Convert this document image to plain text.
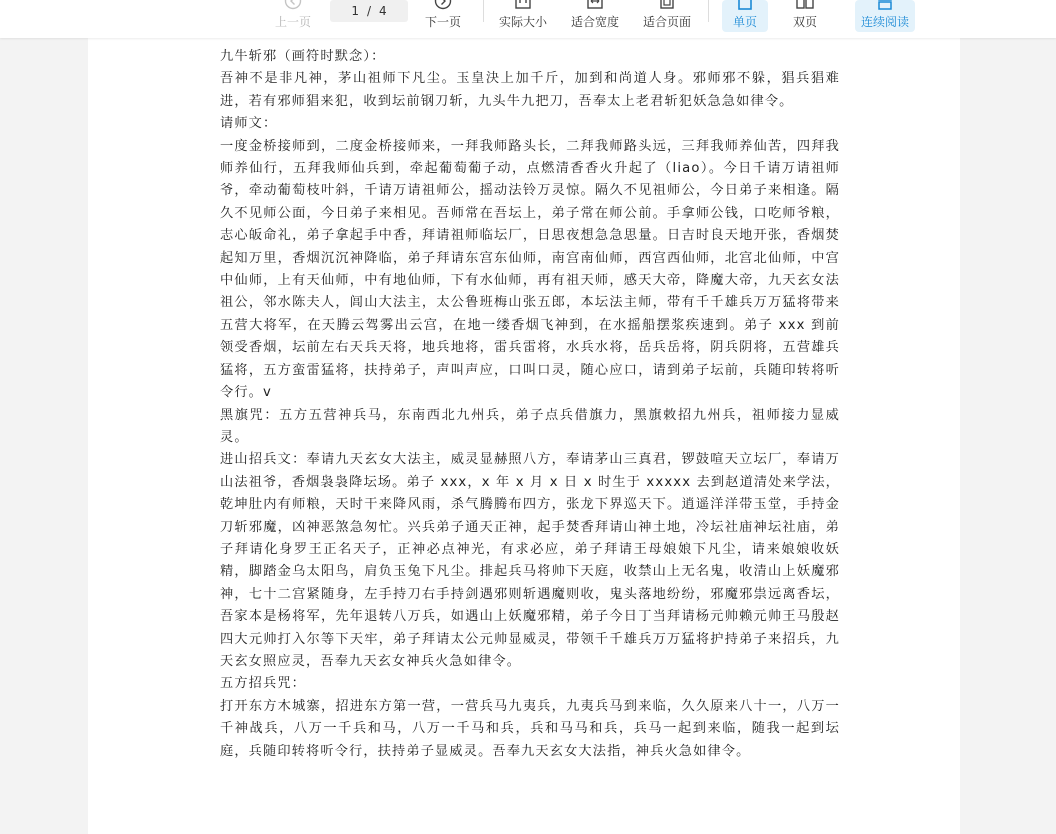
上一页
1 / 4
下一页	实际大小	适合宽度	适合页面	单页	双页	连续阅读

九牛斩邪（画符时默念）：

吾神不是非凡神，茅山祖师下凡尘。玉皇決上加千斤，加到和尚道人身。邪师邪不躲，猖兵猖难进，若有邪师猖来犯，收到坛前钢刀斩，九头牛九把刀，吾奉太上老君斩犯妖急急如律令。

请师文：

一度金桥接师到，二度金桥接师来，一拜我师路头长，二拜我师路头远，三拜我师养仙苦，四拜我师养仙行，五拜我师仙兵到，牵起葡萄葡子动，点燃清香香火升起了（liao）。今日千请万请祖师爷，牵动葡萄枝叶斜，千请万请祖师公，摇动法铃万灵惊。隔久不见祖师公，今日弟子来相逢。隔久不见师公面，今日弟子来相见。吾师常在吾坛上，弟子常在师公前。手拿师公钱，口吃师爷粮，志心皈命礼，弟子拿起手中香，拜请祖师临坛厂，日思夜想急急思量。日吉时良天地开张，香烟焚起知万里，香烟沉沉神降临，弟子拜请东宫东仙师，南宫南仙师，西宫西仙师，北宫北仙师，中宫中仙师，上有天仙师，中有地仙师，下有水仙师，再有祖天师，感天大帝，降魔大帝，九天玄女法祖公，邻水陈夫人，闾山大法主，太公鲁班梅山张五郎，本坛法主师，带有千千雄兵万万猛将带来五营大将军，在天腾云驾雾出云宫，在地一缕香烟飞神到，在水摇船摆浆疾速到。弟子 xxx 到前领受香烟，坛前左右天兵天将，地兵地将，雷兵雷将，水兵水将，岳兵岳将，阴兵阴将，五营雄兵猛将，五方蛮雷猛将，扶持弟子，声叫声应，口叫口灵，随心应口，请到弟子坛前，兵随印转将听令行。v

黑旗咒：五方五营神兵马，东南西北九州兵，弟子点兵借旗力，黑旗敕招九州兵，祖师接力显威灵。

进山招兵文：奉请九天玄女大法主，威灵显赫照八方，奉请茅山三真君，锣鼓喧天立坛厂，奉请万山法祖爷，香烟袅袅降坛场。弟子 xxx，x 年 x 月 x 日 x 时生于 xxxxx 去到赵道清处来学法，乾坤肚内有师粮，天时干来降风雨，杀气腾腾布四方，张龙下界巡天下。逍遥洋洋带玉堂，手持金刀斩邪魔，凶神恶煞急匆忙。兴兵弟子通天正神，起手焚香拜请山神土地，冷坛社庙神坛社庙，弟子拜请化身罗王正名天子，正神必点神光，有求必应，弟子拜请王母娘娘下凡尘，请来娘娘收妖精，脚踏金乌太阳鸟，肩负玉兔下凡尘。排起兵马将帅下天庭，收禁山上无名鬼，收清山上妖魔邪神，七十二宫紧随身，左手持刀右手持剑遇邪则斩遇魔则收，鬼头落地纷纷，邪魔邪祟远离香坛，吾家本是杨将军，先年退转八万兵，如遇山上妖魔邪精，弟子今日丁当拜请杨元帅赖元帅王马殷赵四大元帅打入尔等下天牢，弟子拜请太公元帅显威灵，带领千千雄兵万万猛将护持弟子来招兵，九天玄女照应灵，吾奉九天玄女神兵火急如律令。

五方招兵咒：

打开东方木城寨，招进东方第一营，一营兵马九夷兵，九夷兵马到来临，久久原来八十一，八万一千神战兵，八万一千兵和马，八万一千马和兵，兵和马马和兵，兵马一起到来临，随我一起到坛庭，兵随印转将听令行，扶持弟子显威灵。吾奉九天玄女大法指，神兵火急如律令。
